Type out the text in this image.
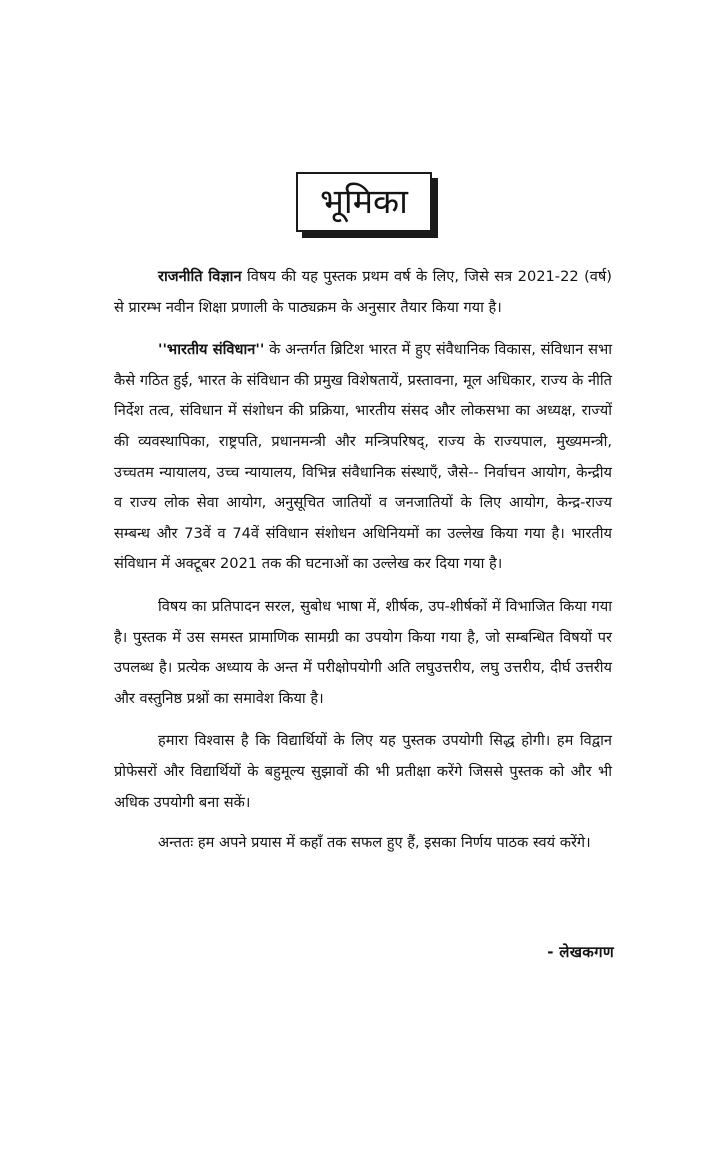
भूमिका

राजनीति विज्ञान विषय की यह पुस्तक प्रथम वर्ष के लिए, जिसे सत्र 2021-22 (वर्ष) से प्रारम्भ नवीन शिक्षा प्रणाली के पाठ्यक्रम के अनुसार तैयार किया गया है।

''भारतीय संविधान'' के अन्तर्गत ब्रिटिश भारत में हुए संवैधानिक विकास, संविधान सभा कैसे गठित हुई, भारत के संविधान की प्रमुख विशेषतायें, प्रस्तावना, मूल अधिकार, राज्य के नीति निर्देश तत्व, संविधान में संशोधन की प्रक्रिया, भारतीय संसद और लोकसभा का अध्यक्ष, राज्यों की व्यवस्थापिका, राष्ट्रपति, प्रधानमन्त्री और मन्त्रिपरिषद्, राज्य के राज्यपाल, मुख्यमन्त्री, उच्चतम न्यायालय, उच्च न्यायालय, विभिन्न संवैधानिक संस्थाएँ, जैसे-- निर्वाचन आयोग, केन्द्रीय व राज्य लोक सेवा आयोग, अनुसूचित जातियों व जनजातियों के लिए आयोग, केन्द्र-राज्य सम्बन्ध और 73वें व 74वें संविधान संशोधन अधिनियमों का उल्लेख किया गया है। भारतीय संविधान में अक्टूबर 2021 तक की घटनाओं का उल्लेख कर दिया गया है।

विषय का प्रतिपादन सरल, सुबोध भाषा में, शीर्षक, उप-शीर्षकों में विभाजित किया गया है। पुस्तक में उस समस्त प्रामाणिक सामग्री का उपयोग किया गया है, जो सम्बन्धित विषयों पर उपलब्ध है। प्रत्येक अध्याय के अन्त में परीक्षोपयोगी अति लघुउत्तरीय, लघु उत्तरीय, दीर्घ उत्तरीय और वस्तुनिष्ठ प्रश्नों का समावेश किया है।

हमारा विश्वास है कि विद्यार्थियों के लिए यह पुस्तक उपयोगी सिद्ध होगी। हम विद्वान प्रोफेसरों और विद्यार्थियों के बहुमूल्य सुझावों की भी प्रतीक्षा करेंगे जिससे पुस्तक को और भी अधिक उपयोगी बना सकें।

अन्ततः हम अपने प्रयास में कहाँ तक सफल हुए हैं, इसका निर्णय पाठक स्वयं करेंगे।

- लेखकगण
